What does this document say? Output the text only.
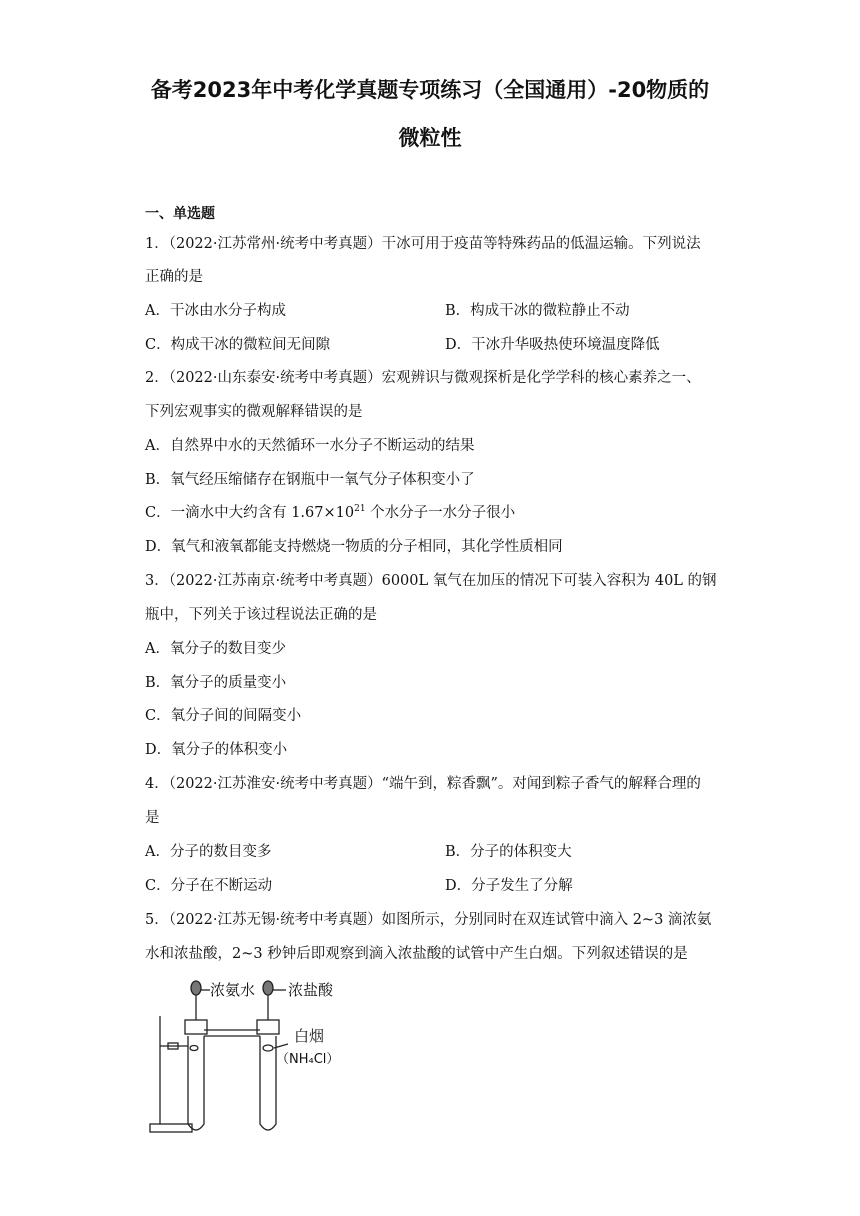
备考2023年中考化学真题专项练习（全国通用）-20物质的
微粒性
一、单选题
1．（2022·江苏常州·统考中考真题）干冰可用于疫苗等特殊药品的低温运输。下列说法
正确的是
A．干冰由水分子构成	B．构成干冰的微粒静止不动
C．构成干冰的微粒间无间隙	D．干冰升华吸热使环境温度降低
2．（2022·山东泰安·统考中考真题）宏观辨识与微观探析是化学学科的核心素养之一、
下列宏观事实的微观解释错误的是
A．自然界中水的天然循环一水分子不断运动的结果
B．氧气经压缩储存在钢瓶中一氧气分子体积变小了
C．一滴水中大约含有 $1.67\times 10^{21}$ 个水分子一水分子很小
D．氧气和液氧都能支持燃烧一物质的分子相同，其化学性质相同
3．（2022·江苏南京·统考中考真题）6000L 氧气在加压的情况下可装入容积为 40L 的钢
瓶中，下列关于该过程说法正确的是
A．氧分子的数目变少
B．氧分子的质量变小
C．氧分子间的间隔变小
D．氧分子的体积变小
4．（2022·江苏淮安·统考中考真题）“端午到，粽香飘”。对闻到粽子香气的解释合理的
是
A．分子的数目变多	B．分子的体积变大
C．分子在不断运动	D．分子发生了分解
5．（2022·江苏无锡·统考中考真题）如图所示，分别同时在双连试管中滴入 2~3 滴浓氨
水和浓盐酸，2~3 秒钟后即观察到滴入浓盐酸的试管中产生白烟。下列叙述错误的是
浓氨水 浓盐酸
白烟
（NH₄Cl）
